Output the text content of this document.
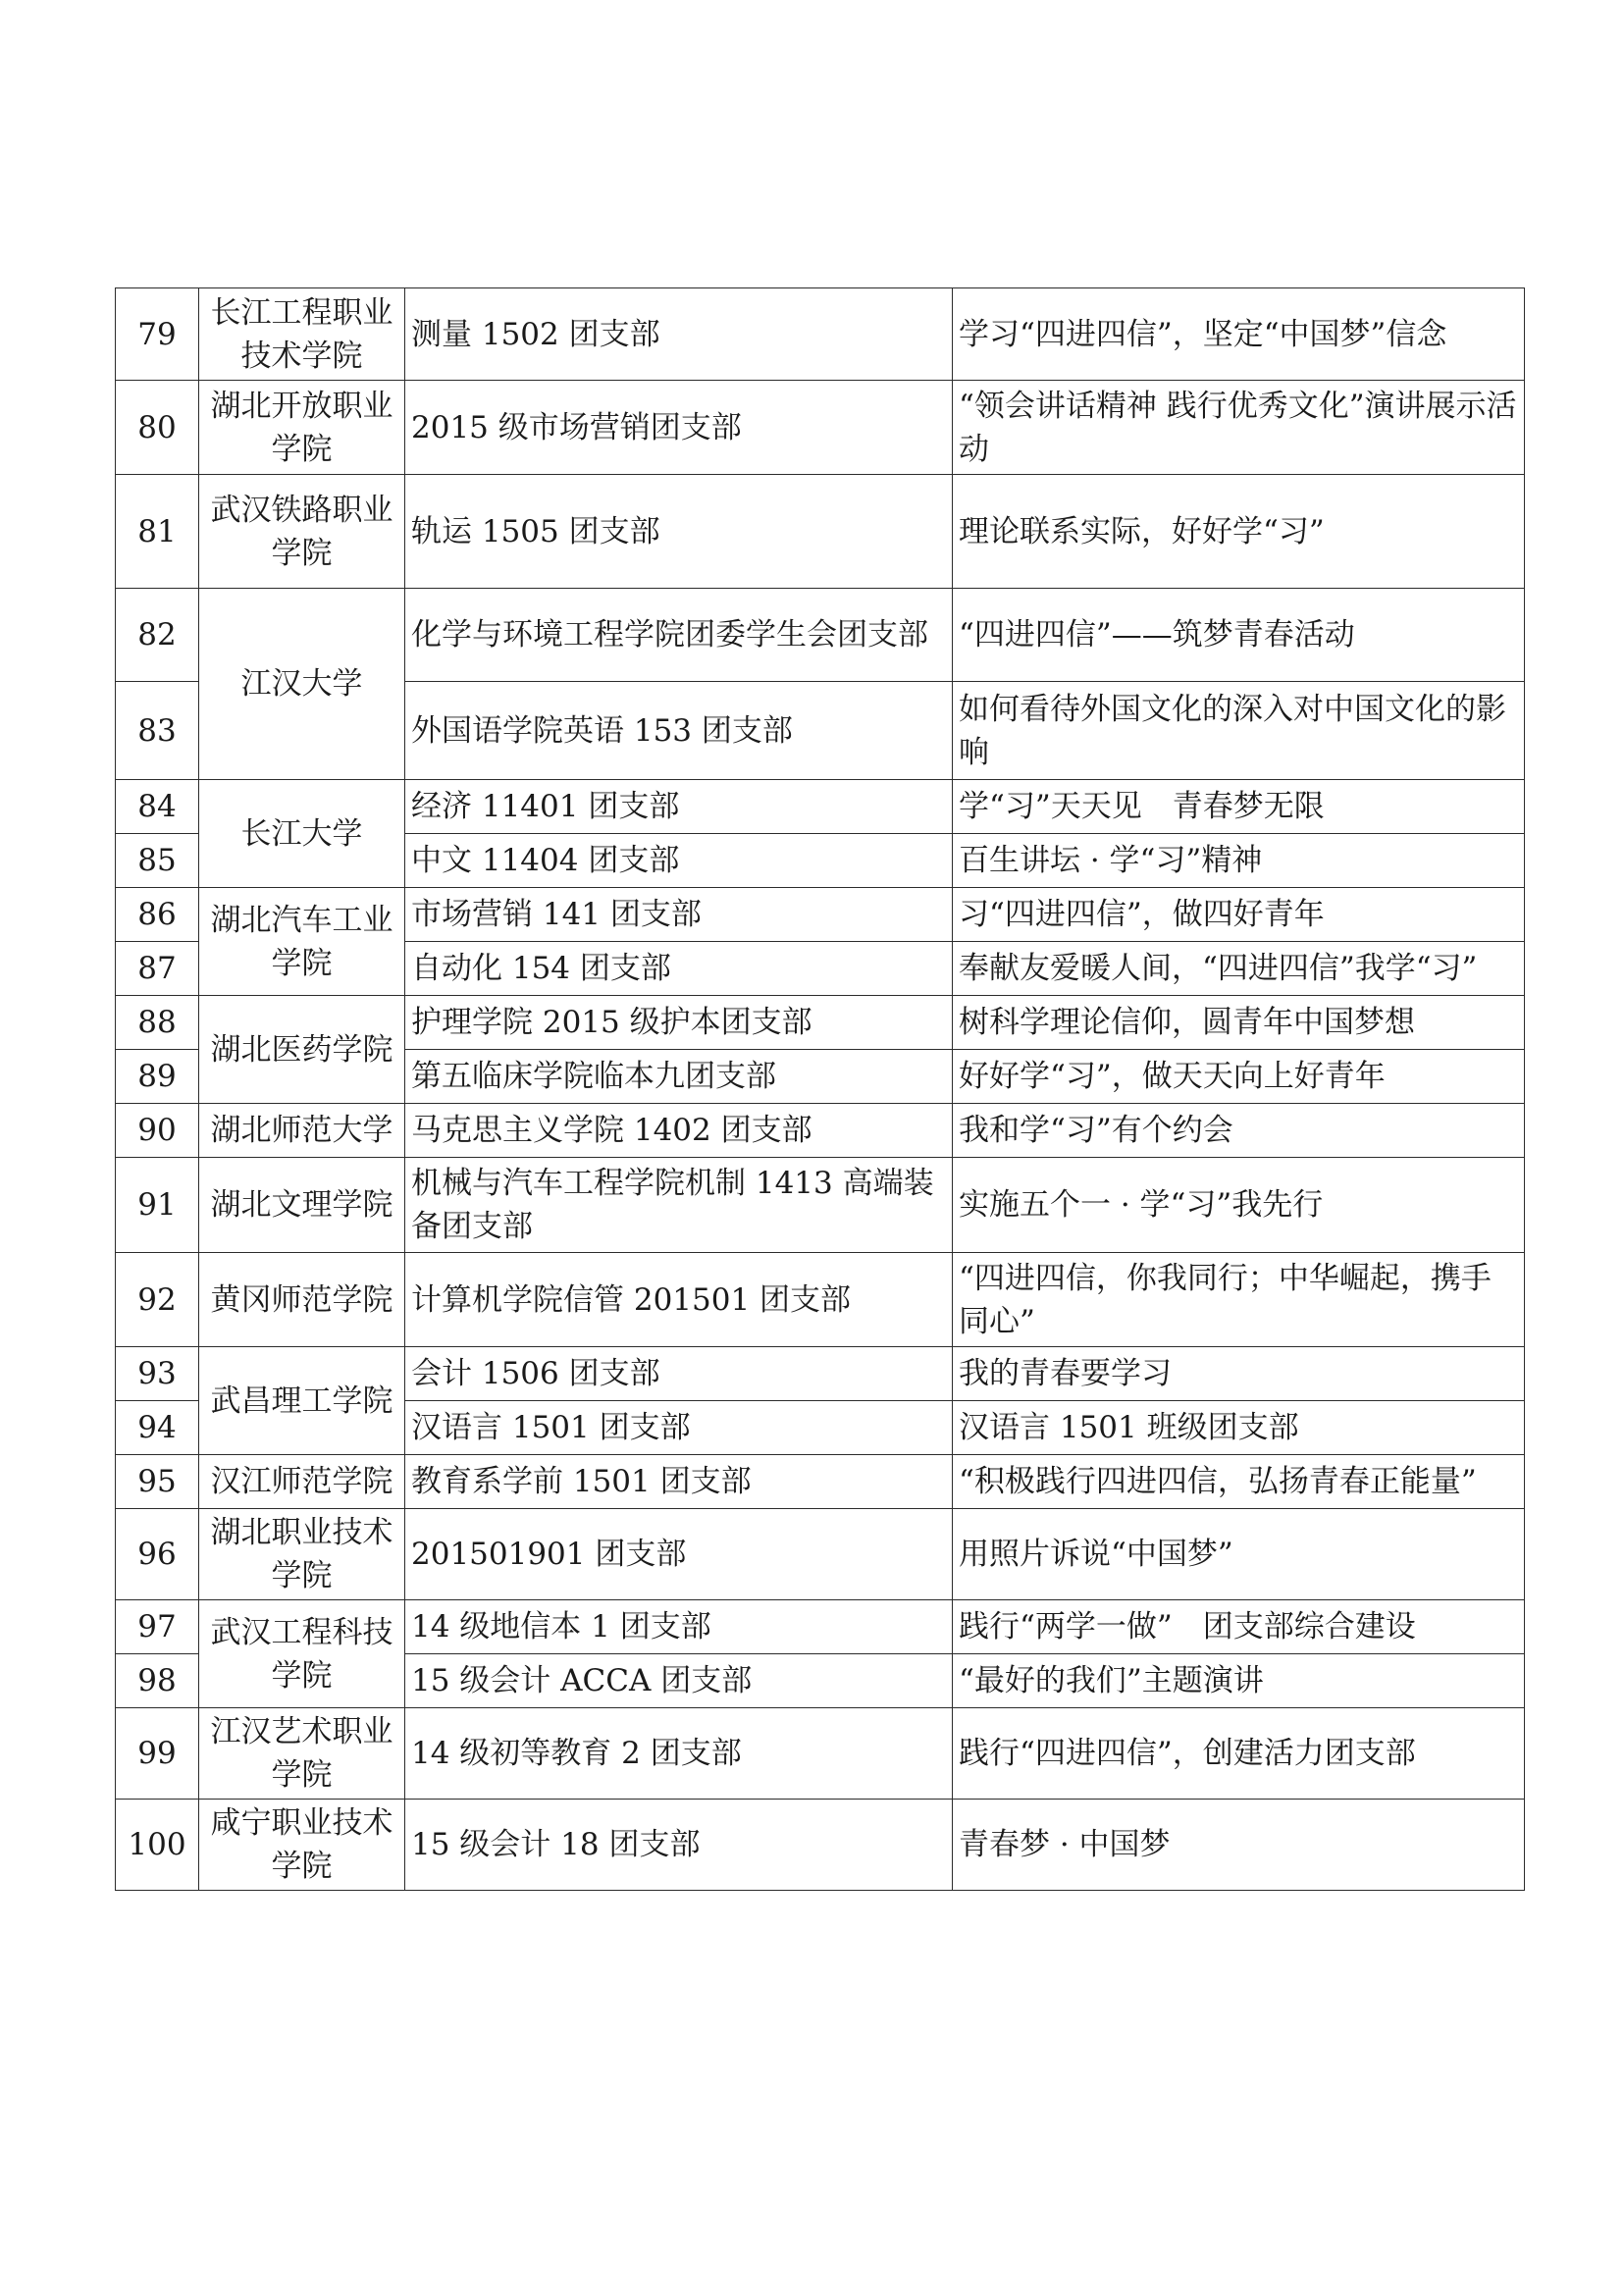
79	长江工程职业技术学院	测量 1502 团支部	学习“四进四信”，坚定“中国梦”信念
80	湖北开放职业学院	2015 级市场营销团支部	“领会讲话精神 践行优秀文化”演讲展示活动
81	武汉铁路职业学院	轨运 1505 团支部	理论联系实际，好好学“习”
82	江汉大学	化学与环境工程学院团委学生会团支部	“四进四信”——筑梦青春活动
83		外国语学院英语 153 团支部	如何看待外国文化的深入对中国文化的影响
84	长江大学	经济 11401 团支部	学“习”天天见　青春梦无限
85		中文 11404 团支部	百生讲坛 · 学“习”精神
86	湖北汽车工业学院	市场营销 141 团支部	习“四进四信”，做四好青年
87		自动化 154 团支部	奉献友爱暖人间，“四进四信”我学“习”
88	湖北医药学院	护理学院 2015 级护本团支部	树科学理论信仰，圆青年中国梦想
89		第五临床学院临本九团支部	好好学“习”，做天天向上好青年
90	湖北师范大学	马克思主义学院 1402 团支部	我和学“习”有个约会
91	湖北文理学院	机械与汽车工程学院机制 1413 高端装备团支部	实施五个一 · 学“习”我先行
92	黄冈师范学院	计算机学院信管 201501 团支部	“四进四信，你我同行；中华崛起，携手同心”
93	武昌理工学院	会计 1506 团支部	我的青春要学习
94		汉语言 1501 团支部	汉语言 1501 班级团支部
95	汉江师范学院	教育系学前 1501 团支部	“积极践行四进四信，弘扬青春正能量”
96	湖北职业技术学院	201501901 团支部	用照片诉说“中国梦”
97	武汉工程科技学院	14 级地信本 1 团支部	践行“两学一做”　团支部综合建设
98		15 级会计 ACCA 团支部	“最好的我们”主题演讲
99	江汉艺术职业学院	14 级初等教育 2 团支部	践行“四进四信”，创建活力团支部
100	咸宁职业技术学院	15 级会计 18 团支部	青春梦 · 中国梦
